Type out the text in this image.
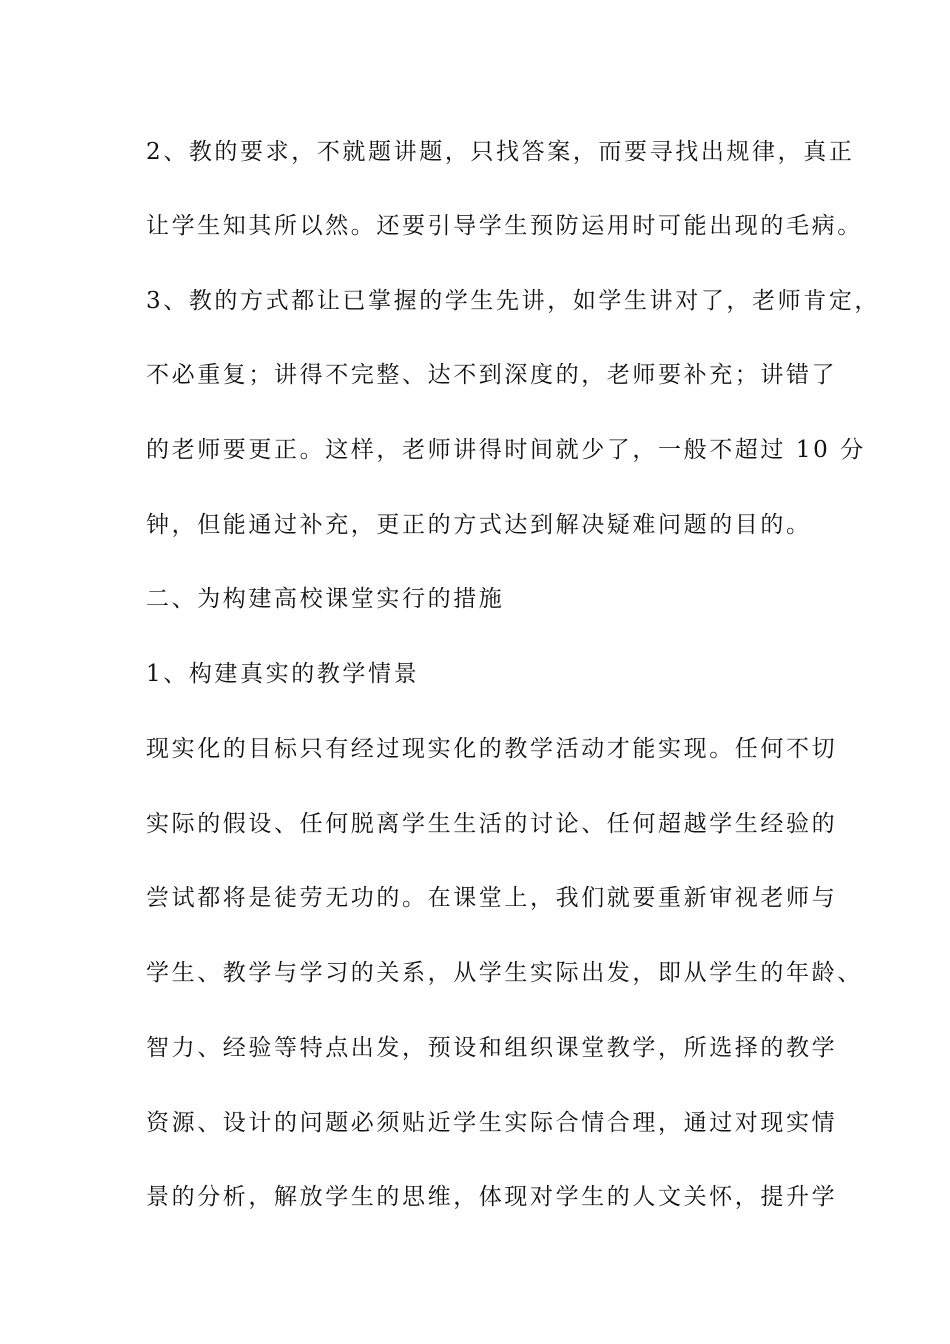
2、教的要求，不就题讲题，只找答案，而要寻找出规律，真正
让学生知其所以然。还要引导学生预防运用时可能出现的毛病。
3、教的方式都让已掌握的学生先讲，如学生讲对了，老师肯定，
不必重复；讲得不完整、达不到深度的，老师要补充；讲错了
的老师要更正。这样，老师讲得时间就少了，一般不超过 10 分
钟，但能通过补充，更正的方式达到解决疑难问题的目的。
二、为构建高校课堂实行的措施
1、构建真实的教学情景
现实化的目标只有经过现实化的教学活动才能实现。任何不切
实际的假设、任何脱离学生生活的讨论、任何超越学生经验的
尝试都将是徒劳无功的。在课堂上，我们就要重新审视老师与
学生、教学与学习的关系，从学生实际出发，即从学生的年龄、
智力、经验等特点出发，预设和组织课堂教学，所选择的教学
资源、设计的问题必须贴近学生实际合情合理，通过对现实情
景的分析，解放学生的思维，体现对学生的人文关怀，提升学
